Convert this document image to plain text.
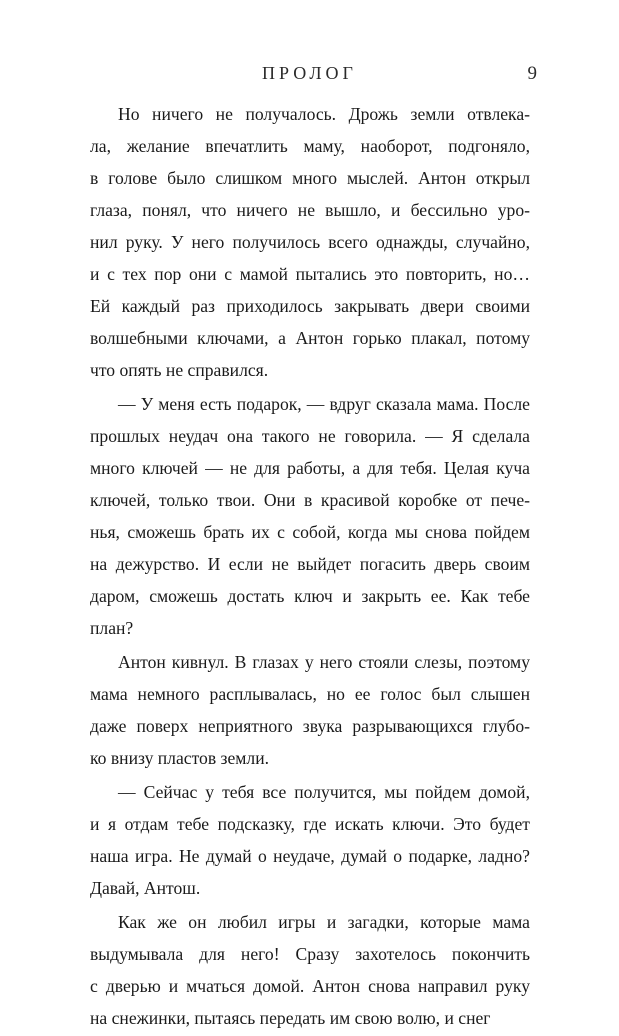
ПРОЛОГ	9
Но ничего не получалось. Дрожь земли отвлека-
ла, желание впечатлить маму, наоборот, подгоняло,
в голове было слишком много мыслей. Антон открыл
глаза, понял, что ничего не вышло, и бессильно уро-
нил руку. У него получилось всего однажды, случайно,
и с тех пор они с мамой пытались это повторить, но…
Ей каждый раз приходилось закрывать двери своими
волшебными ключами, а Антон горько плакал, потому
что опять не справился.
— У меня есть подарок, — вдруг сказала мама. После
прошлых неудач она такого не говорила. — Я сделала
много ключей — не для работы, а для тебя. Целая куча
ключей, только твои. Они в красивой коробке от пече-
нья, сможешь брать их с собой, когда мы снова пойдем
на дежурство. И если не выйдет погасить дверь своим
даром, сможешь достать ключ и закрыть ее. Как тебе
план?
Антон кивнул. В глазах у него стояли слезы, поэтому
мама немного расплывалась, но ее голос был слышен
даже поверх неприятного звука разрывающихся глубо-
ко внизу пластов земли.
— Сейчас у тебя все получится, мы пойдем домой,
и я отдам тебе подсказку, где искать ключи. Это будет
наша игра. Не думай о неудаче, думай о подарке, ладно?
Давай, Антош.
Как же он любил игры и загадки, которые мама
выдумывала для него! Сразу захотелось покончить
с дверью и мчаться домой. Антон снова направил руку
на снежинки, пытаясь передать им свою волю, и снег
